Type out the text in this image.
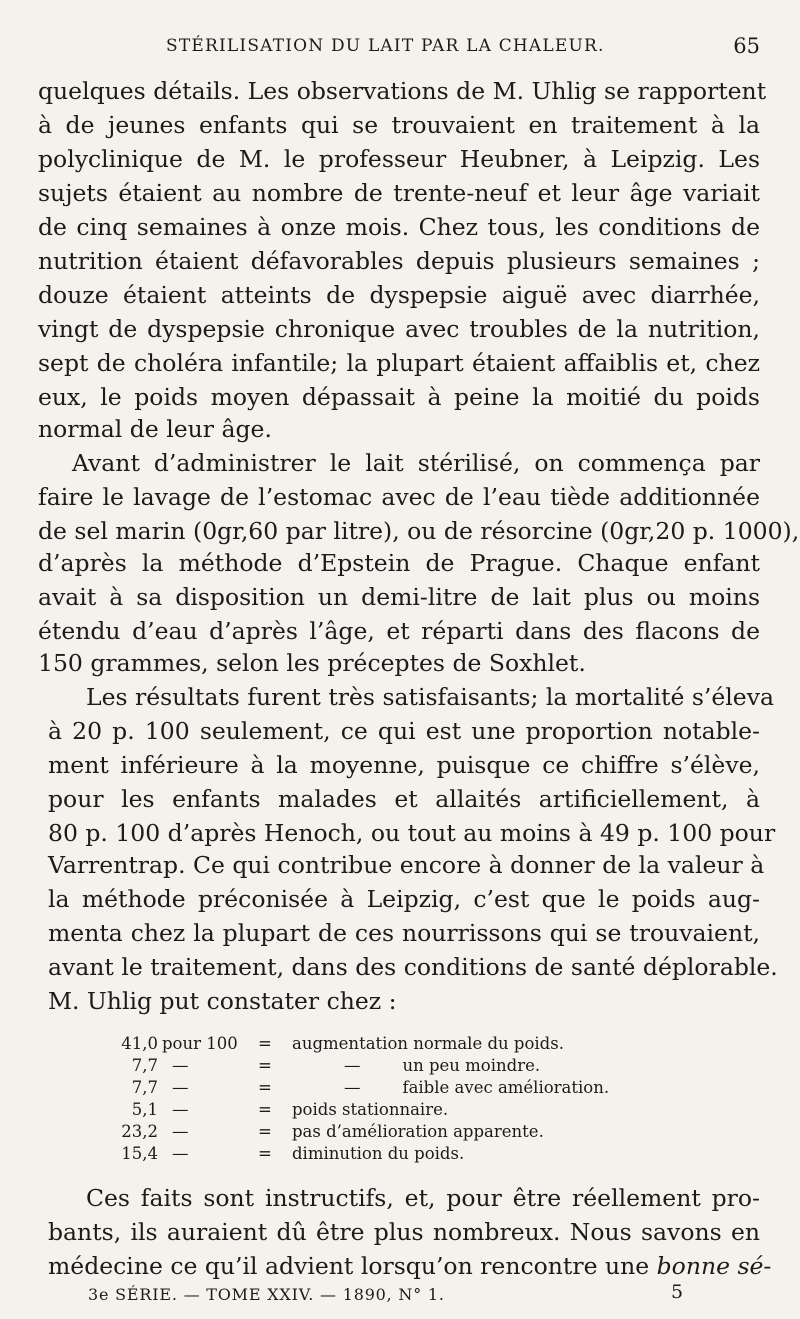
STÉRILISATION DU LAIT PAR LA CHALEUR.	65
quelques détails. Les observations de M. Uhlig se rapportent
à de jeunes enfants qui se trouvaient en traitement à la
polyclinique de M. le professeur Heubner, à Leipzig. Les
sujets étaient au nombre de trente-neuf et leur âge variait
de cinq semaines à onze mois. Chez tous, les conditions de
nutrition étaient défavorables depuis plusieurs semaines ;
douze étaient atteints de dyspepsie aiguë avec diarrhée,
vingt de dyspepsie chronique avec troubles de la nutrition,
sept de choléra infantile; la plupart étaient affaiblis et, chez
eux, le poids moyen dépassait à peine la moitié du poids
normal de leur âge.
Avant d’administrer le lait stérilisé, on commença par
faire le lavage de l’estomac avec de l’eau tiède additionnée
de sel marin (0gr,60 par litre), ou de résorcine (0gr,20 p. 1000),
d’après la méthode d’Epstein de Prague. Chaque enfant
avait à sa disposition un demi-litre de lait plus ou moins
étendu d’eau d’après l’âge, et réparti dans des flacons de
150 grammes, selon les préceptes de Soxhlet.
Les résultats furent très satisfaisants; la mortalité s’éleva
à 20 p. 100 seulement, ce qui est une proportion notable-
ment inférieure à la moyenne, puisque ce chiffre s’élève,
pour les enfants malades et allaités artificiellement, à
80 p. 100 d’après Henoch, ou tout au moins à 49 p. 100 pour
Varrentrap. Ce qui contribue encore à donner de la valeur à
la méthode préconisée à Leipzig, c’est que le poids aug-
menta chez la plupart de ces nourrissons qui se trouvaient,
avant le traitement, dans des conditions de santé déplorable.
M. Uhlig put constater chez :
41,0 pour 100 = augmentation normale du poids.
7,7 —	=	—        un peu moindre.
7,7 —	=	—        faible avec amélioration.
5,1 —	= poids stationnaire.
23,2 —	= pas d’amélioration apparente.
15,4 —	= diminution du poids.
Ces faits sont instructifs, et, pour être réellement pro-
bants, ils auraient dû être plus nombreux. Nous savons en
médecine ce qu’il advient lorsqu’on rencontre une bonne sé-
3e SÉRIE. — TOME XXIV. — 1890, N° 1.	5
